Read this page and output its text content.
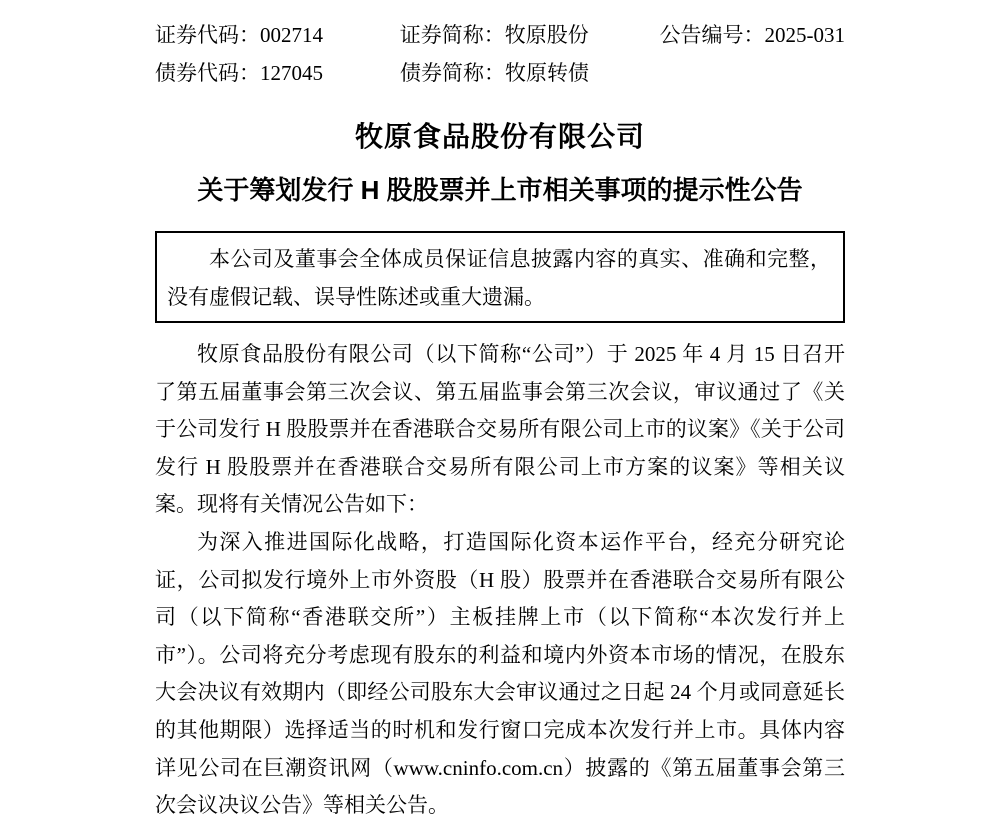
证券代码：002714	证券简称：牧原股份	公告编号：2025-031
债券代码：127045	债券简称：牧原转债
牧原食品股份有限公司
关于筹划发行 H 股股票并上市相关事项的提示性公告

本公司及董事会全体成员保证信息披露内容的真实、准确和完整，没有虚假记载、误导性陈述或重大遗漏。

牧原食品股份有限公司（以下简称“公司”）于 2025 年 4 月 15 日召开了第五届董事会第三次会议、第五届监事会第三次会议，审议通过了《关于公司发行 H 股股票并在香港联合交易所有限公司上市的议案》《关于公司发行 H 股股票并在香港联合交易所有限公司上市方案的议案》等相关议案。现将有关情况公告如下：

为深入推进国际化战略，打造国际化资本运作平台，经充分研究论证，公司拟发行境外上市外资股（H 股）股票并在香港联合交易所有限公司（以下简称“香港联交所”）主板挂牌上市（以下简称“本次发行并上市”）。公司将充分考虑现有股东的利益和境内外资本市场的情况，在股东大会决议有效期内（即经公司股东大会审议通过之日起 24 个月或同意延长的其他期限）选择适当的时机和发行窗口完成本次发行并上市。具体内容详见公司在巨潮资讯网（www.cninfo.com.cn）披露的《第五届董事会第三次会议决议公告》等相关公告。
